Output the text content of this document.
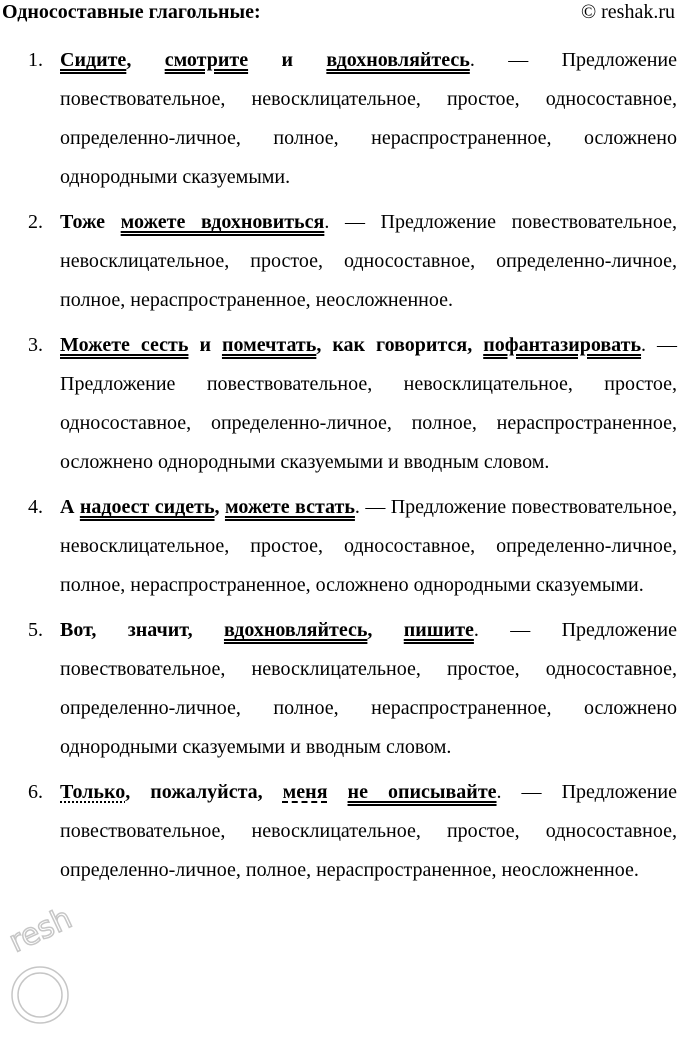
Односоставные глагольные:	© reshak.ru
1. Сидите, смотрите и вдохновляйтесь. — Предложение повествовательное, невосклицательное, простое, односоставное, определенно-личное, полное, нераспространенное, осложнено однородными сказуемыми.
2. Тоже можете вдохновиться. — Предложение повествовательное, невосклицательное, простое, односоставное, определенно-личное, полное, нераспространенное, неосложненное.
3. Можете сесть и помечтать, как говорится, пофантазировать. — Предложение повествовательное, невосклицательное, простое, односоставное, определенно-личное, полное, нераспространенное, осложнено однородными сказуемыми и вводным словом.
4. А надоест сидеть, можете встать. — Предложение повествовательное, невосклицательное, простое, односоставное, определенно-личное, полное, нераспространенное, осложнено однородными сказуемыми.
5. Вот, значит, вдохновляйтесь, пишите. — Предложение повествовательное, невосклицательное, простое, односоставное, определенно-личное, полное, нераспространенное, осложнено однородными сказуемыми и вводным словом.
6. Только, пожалуйста, меня не описывайте. — Предложение повествовательное, невосклицательное, простое, односоставное, определенно-личное, полное, нераспространенное, неосложненное.
resh
